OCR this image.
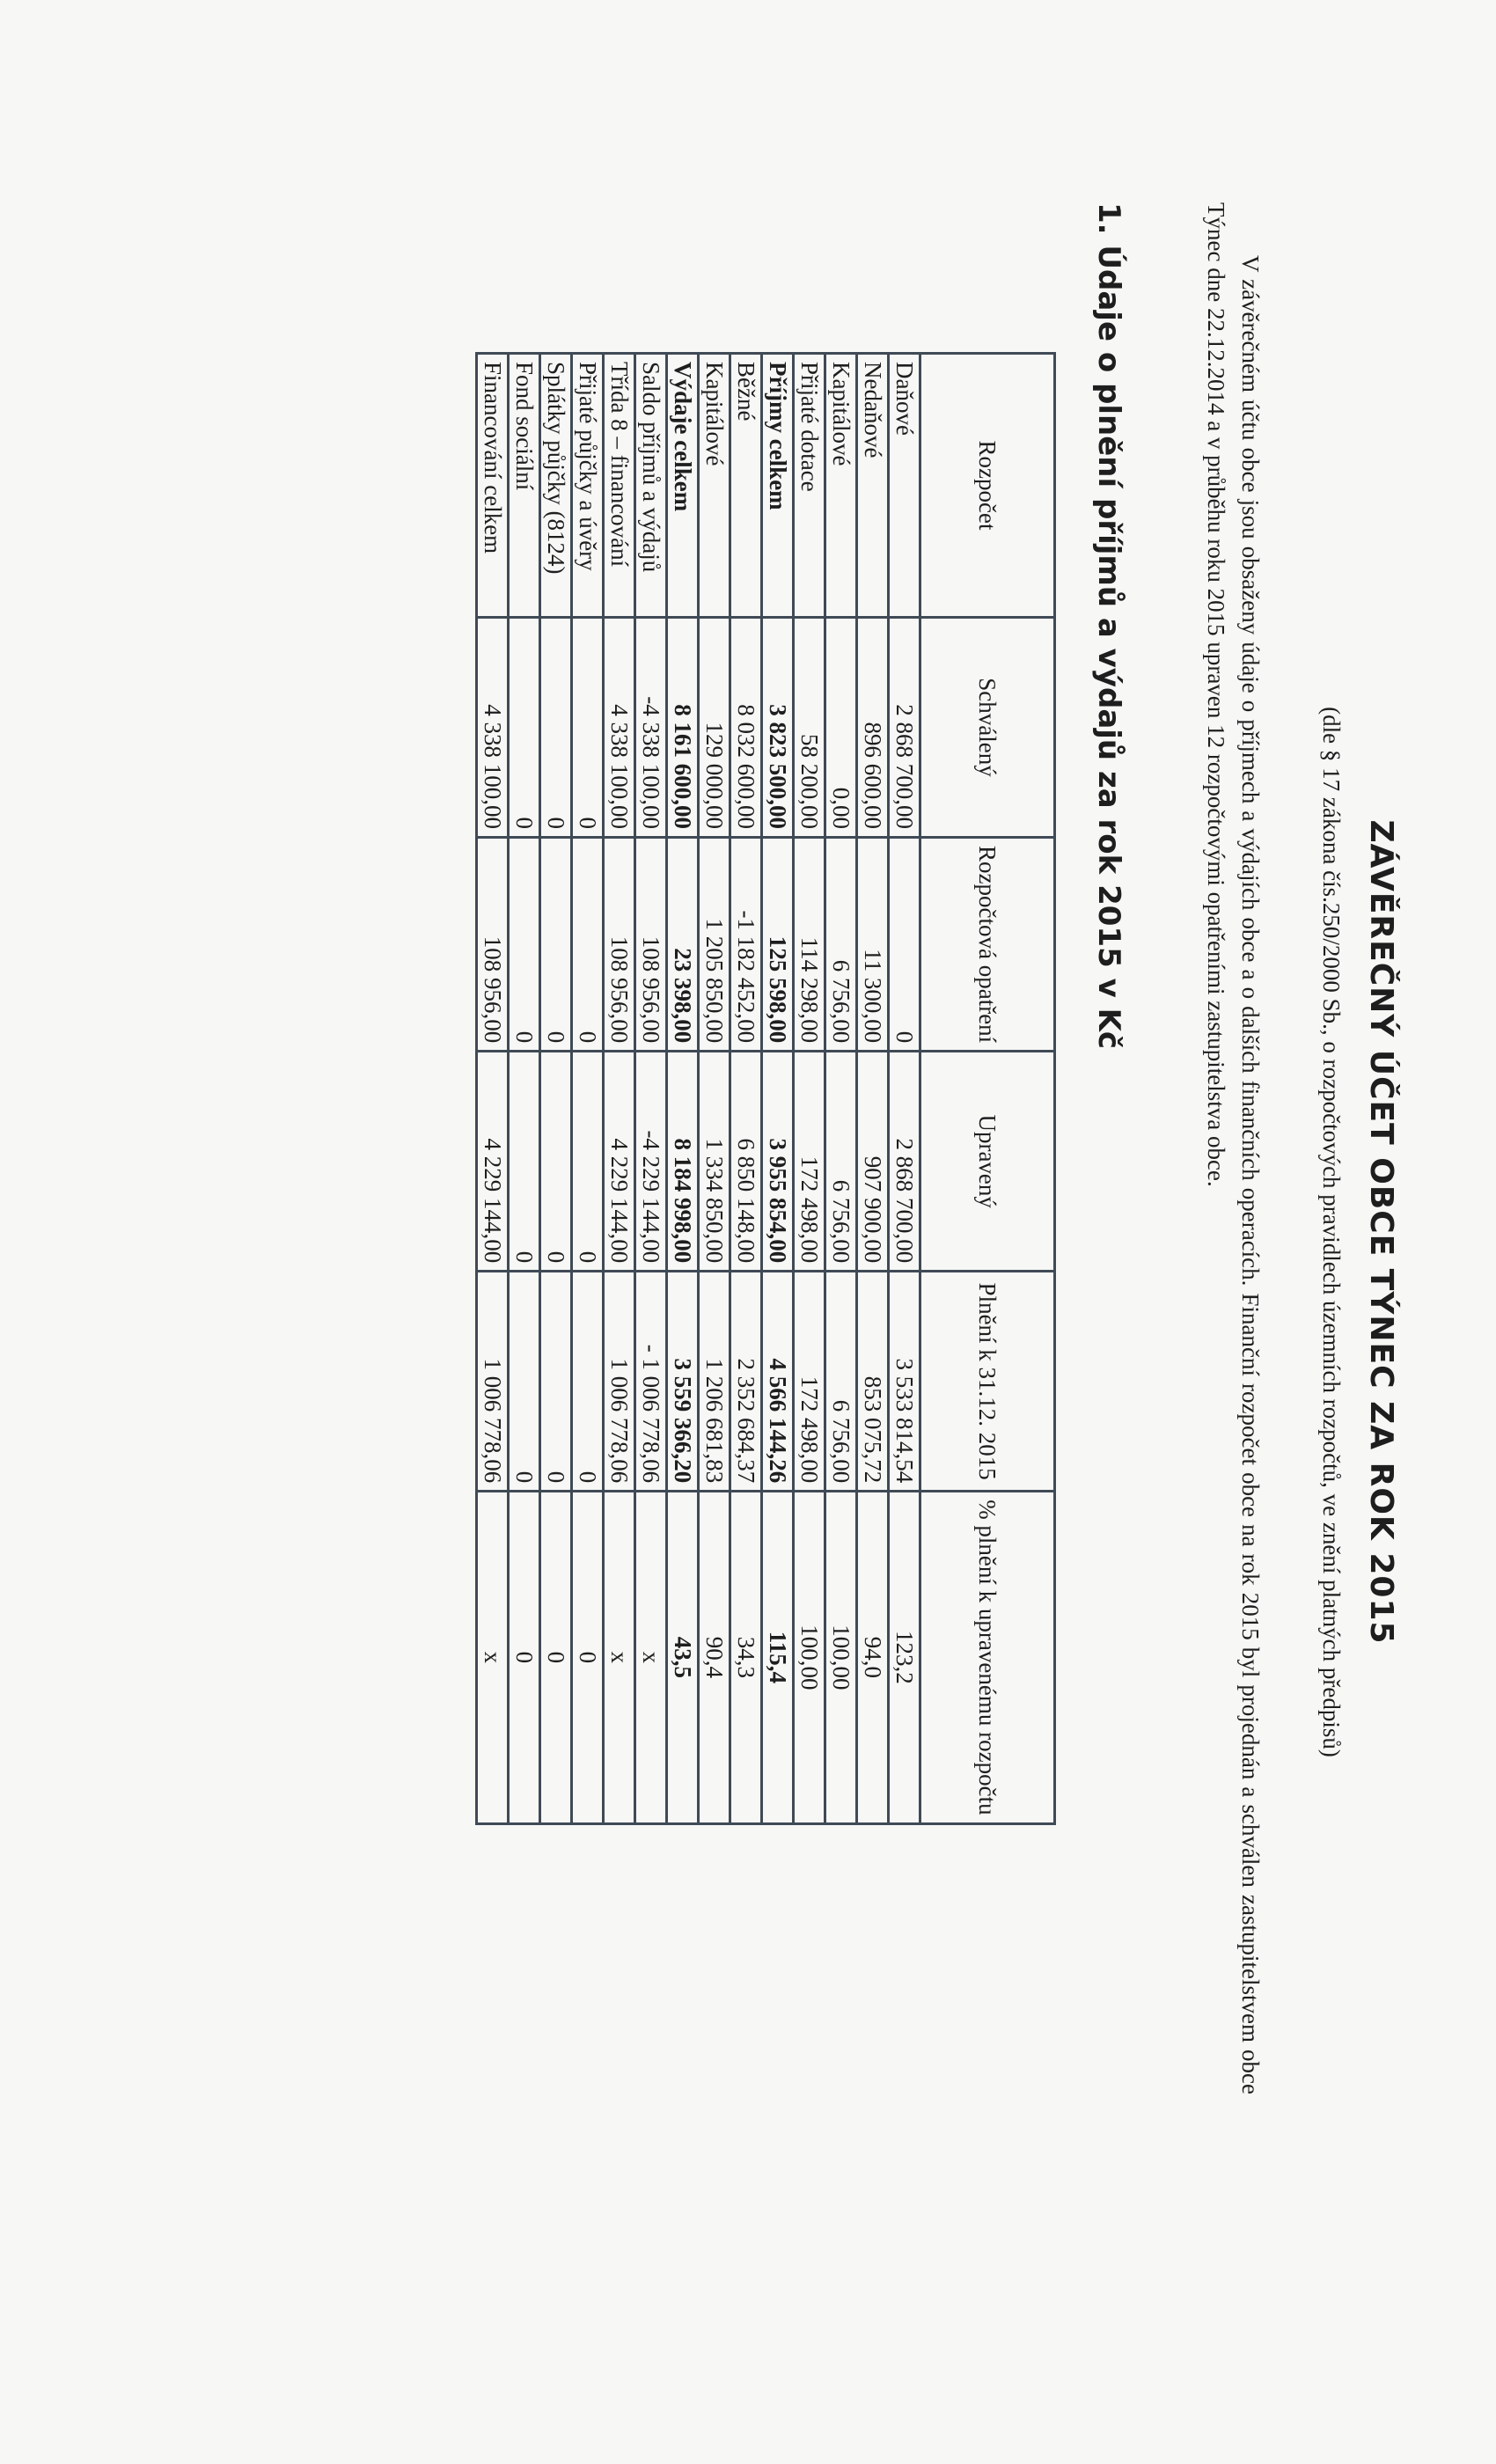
ZÁVĚREČNÝ ÚČET OBCE TÝNEC ZA ROK 2015
(dle § 17 zákona čís.250/2000 Sb., o rozpočtových pravidlech územních rozpočtů, ve znění platných předpisů)
V závěrečném účtu obce jsou obsaženy údaje o příjmech a výdajích obce a o dalších finančních operacích. Finanční rozpočet obce na rok 2015 byl projednán a schválen zastupitelstvem obce Týnec dne 22.12.2014 a v průběhu roku 2015 upraven 12 rozpočtovými opatřeními zastupitelstva obce.
1. Údaje o plnění příjmů a výdajů za rok 2015 v Kč
Rozpočet	Schválený	Rozpočtová opatření	Upravený	Plnění k 31.12. 2015	% plnění k upravenému rozpočtu
Daňové	2 868 700,00	0	2 868 700,00	3 533 814,54	123,2
Nedaňové	896 600,00	11 300,00	907 900,00	853 075,72	94,0
Kapitálové	0,00	6 756,00	6 756,00	6 756,00	100,00
Přijaté dotace	58 200,00	114 298,00	172 498,00	172 498,00	100,00
Příjmy celkem	3 823 500,00	125 598,00	3 955 854,00	4 566 144,26	115,4
Běžné	8 032 600,00	-1 182 452,00	6 850 148,00	2 352 684,37	34,3
Kapitálové	129 000,00	1 205 850,00	1 334 850,00	1 206 681,83	90,4
Výdaje celkem	8 161 600,00	23 398,00	8 184 998,00	3 559 366,20	43,5
Saldo příjmů a výdajů	-4 338 100,00	108 956,00	-4 229 144,00	- 1 006 778,06	x
Třída 8 – financování	4 338 100,00	108 956,00	4 229 144,00	1 006 778,06	x
Přijaté půjčky a úvěry	0	0	0	0	0
Splátky půjčky (8124)	0	0	0	0	0
Fond sociální	0	0	0	0	0
Financování celkem	4 338 100,00	108 956,00	4 229 144,00	1 006 778,06	x
